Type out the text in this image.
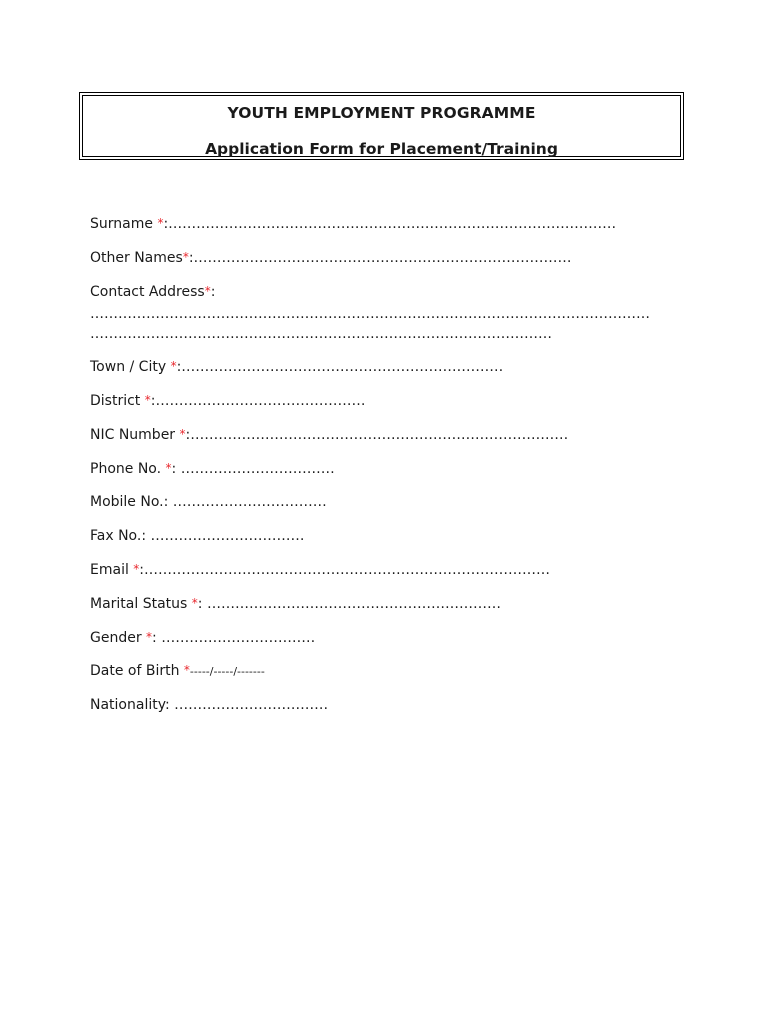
YOUTH EMPLOYMENT PROGRAMME
Application Form for Placement/Training
Surname *:……………………………………………………………………………………
Other Names*:………………………………………………………………………
Contact Address*:
…………………………………………………………………………………………………………
………………………………………………………………………………………
Town / City *:……………………………………………………………
District *:………………………………………
NIC Number *:………………………………………………………………………
Phone No. *: ……………………………
Mobile No.: ……………………………
Fax No.: ……………………………
Email *:……………………………………………………………………………
Marital Status *: ………………………………………………………
Gender *: ……………………………
Date of Birth *-----/-----/-------
Nationality: ……………………………
